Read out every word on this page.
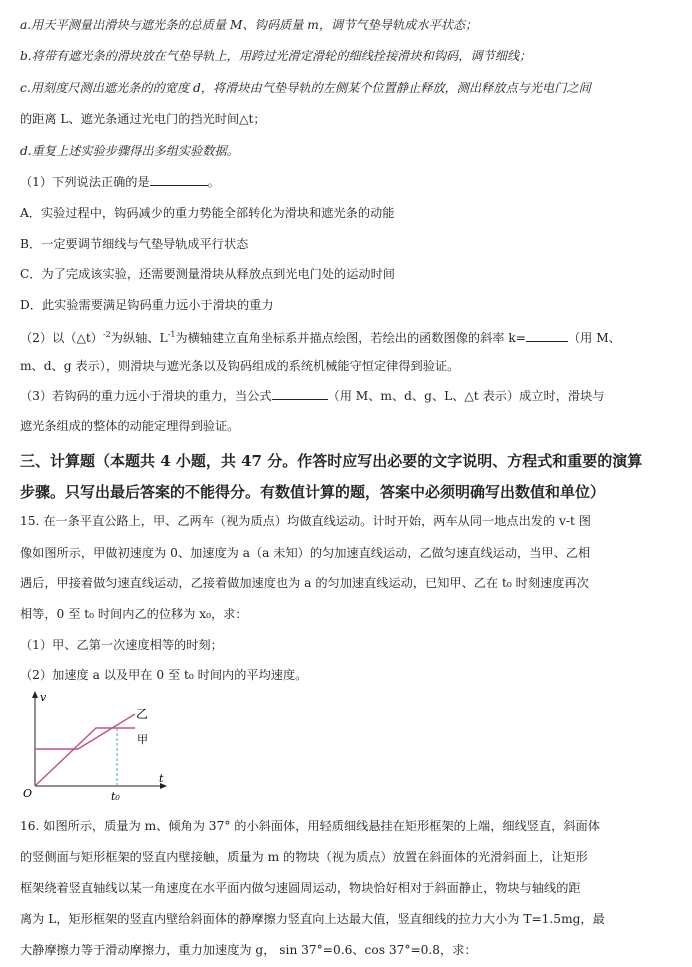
a.用天平测量出滑块与遮光条的总质量 M、钩码质量 m，调节气垫导轨成水平状态；
b.将带有遮光条的滑块放在气垫导轨上，用跨过光滑定滑轮的细线拴接滑块和钩码，调节细线；
c.用刻度尺测出遮光条的的宽度 d，将滑块由气垫导轨的左侧某个位置静止释放，测出释放点与光电门之间
的距离 L、遮光条通过光电门的挡光时间△t；
d.重复上述实验步骤得出多组实验数据。
（1）下列说法正确的是	。
A．实验过程中，钩码减少的重力势能全部转化为滑块和遮光条的动能
B．一定要调节细线与气垫导轨成平行状态
C．为了完成该实验，还需要测量滑块从释放点到光电门处的运动时间
D．此实验需要满足钩码重力远小于滑块的重力
（2）以（△t）$^{-2}$为纵轴、$L^{-1}$为横轴建立直角坐标系并描点绘图，若绘出的函数图像的斜率 k=	（用 M、
m、d、g 表示），则滑块与遮光条以及钩码组成的系统机械能守恒定律得到验证。
（3）若钩码的重力远小于滑块的重力，当公式	（用 M、m、d、g、L、△t 表示）成立时，滑块与
遮光条组成的整体的动能定理得到验证。
三、计算题（本题共 4 小题，共 47 分。作答时应写出必要的文字说明、方程式和重要的演算
步骤。只写出最后答案的不能得分。有数值计算的题，答案中必须明确写出数值和单位）
15. 在一条平直公路上，甲、乙两车（视为质点）均做直线运动。计时开始，两车从同一地点出发的 v-t 图
像如图所示，甲做初速度为 0、加速度为 a（a 未知）的匀加速直线运动，乙做匀速直线运动，当甲、乙相
遇后，甲接着做匀速直线运动，乙接着做加速度也为 a 的匀加速直线运动，已知甲、乙在 t₀ 时刻速度再次
相等，0 至 t₀ 时间内乙的位移为 x₀，求：
（1）甲、乙第一次速度相等的时刻；
（2）加速度 a 以及甲在 0 至 t₀ 时间内的平均速度。
v
t
O	t₀
乙
甲
16. 如图所示，质量为 m、倾角为 37° 的小斜面体，用轻质细线悬挂在矩形框架的上端，细线竖直，斜面体
的竖侧面与矩形框架的竖直内壁接触，质量为 m 的物块（视为质点）放置在斜面体的光滑斜面上，让矩形
框架绕着竖直轴线以某一角速度在水平面内做匀速圆周运动，物块恰好相对于斜面静止，物块与轴线的距
离为 L，矩形框架的竖直内壁给斜面体的静摩擦力竖直向上达最大值，竖直细线的拉力大小为 T=1.5mg，最
大静摩擦力等于滑动摩擦力，重力加速度为 g， sin 37°=0.6、cos 37°=0.8，求：
